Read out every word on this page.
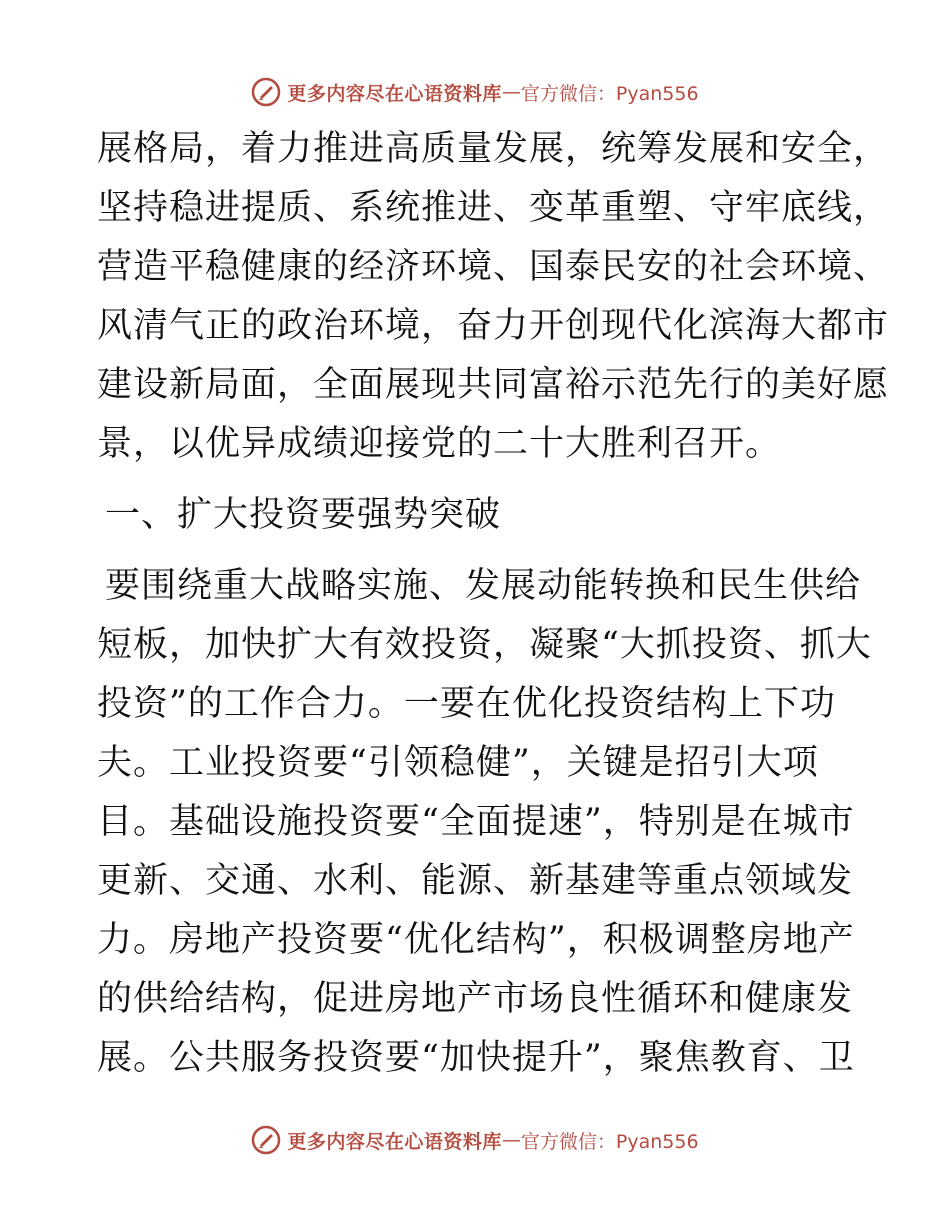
更多内容尽在心语资料库 — 官方微信：Pyan556
展格局，着力推进高质量发展，统筹发展和安全，
坚持稳进提质、系统推进、变革重塑、守牢底线，
营造平稳健康的经济环境、国泰民安的社会环境、
风清气正的政治环境，奋力开创现代化滨海大都市
建设新局面，全面展现共同富裕示范先行的美好愿
景，以优异成绩迎接党的二十大胜利召开。
一、扩大投资要强势突破
要围绕重大战略实施、发展动能转换和民生供给
短板，加快扩大有效投资，凝聚“大抓投资、抓大
投资”的工作合力。一要在优化投资结构上下功
夫。工业投资要“引领稳健”，关键是招引大项
目。基础设施投资要“全面提速”，特别是在城市
更新、交通、水利、能源、新基建等重点领域发
力。房地产投资要“优化结构”，积极调整房地产
的供给结构，促进房地产市场良性循环和健康发
展。公共服务投资要“加快提升”，聚焦教育、卫
更多内容尽在心语资料库 — 官方微信：Pyan556
